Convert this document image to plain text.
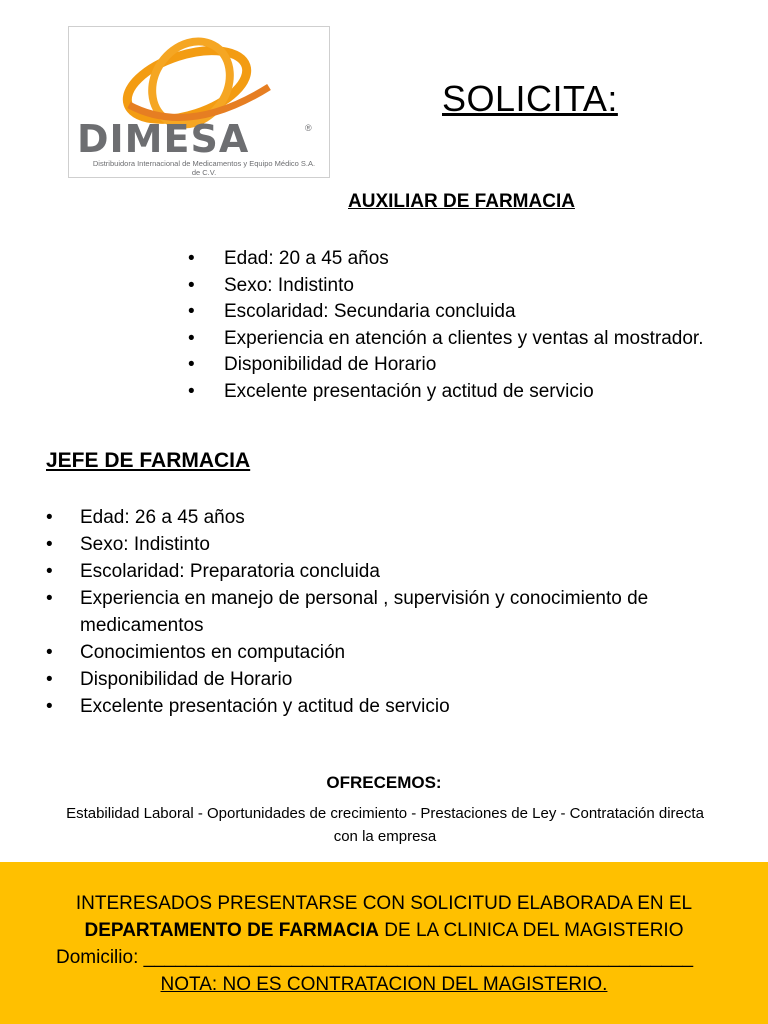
DIMESA	®
Distribuidora Internacional de Medicamentos y Equipo Médico S.A. de C.V.
SOLICITA:
AUXILIAR DE FARMACIA
• Edad: 20 a 45 años
• Sexo: Indistinto
• Escolaridad: Secundaria concluida
• Experiencia en atención a clientes y ventas al mostrador.
• Disponibilidad de Horario
• Excelente presentación y actitud de servicio
JEFE DE FARMACIA
• Edad: 26 a 45 años
• Sexo: Indistinto
• Escolaridad: Preparatoria concluida
• Experiencia en manejo de personal , supervisión y conocimiento de medicamentos
• Conocimientos en computación
• Disponibilidad de Horario
• Excelente presentación y actitud de servicio
OFRECEMOS:
Estabilidad Laboral - Oportunidades de crecimiento - Prestaciones de Ley - Contratación directa con la empresa
INTERESADOS PRESENTARSE CON SOLICITUD ELABORADA EN EL
DEPARTAMENTO DE FARMACIA DE LA CLINICA DEL MAGISTERIO
Domicilio: ____________________________________________________
NOTA: NO ES CONTRATACION DEL MAGISTERIO.
